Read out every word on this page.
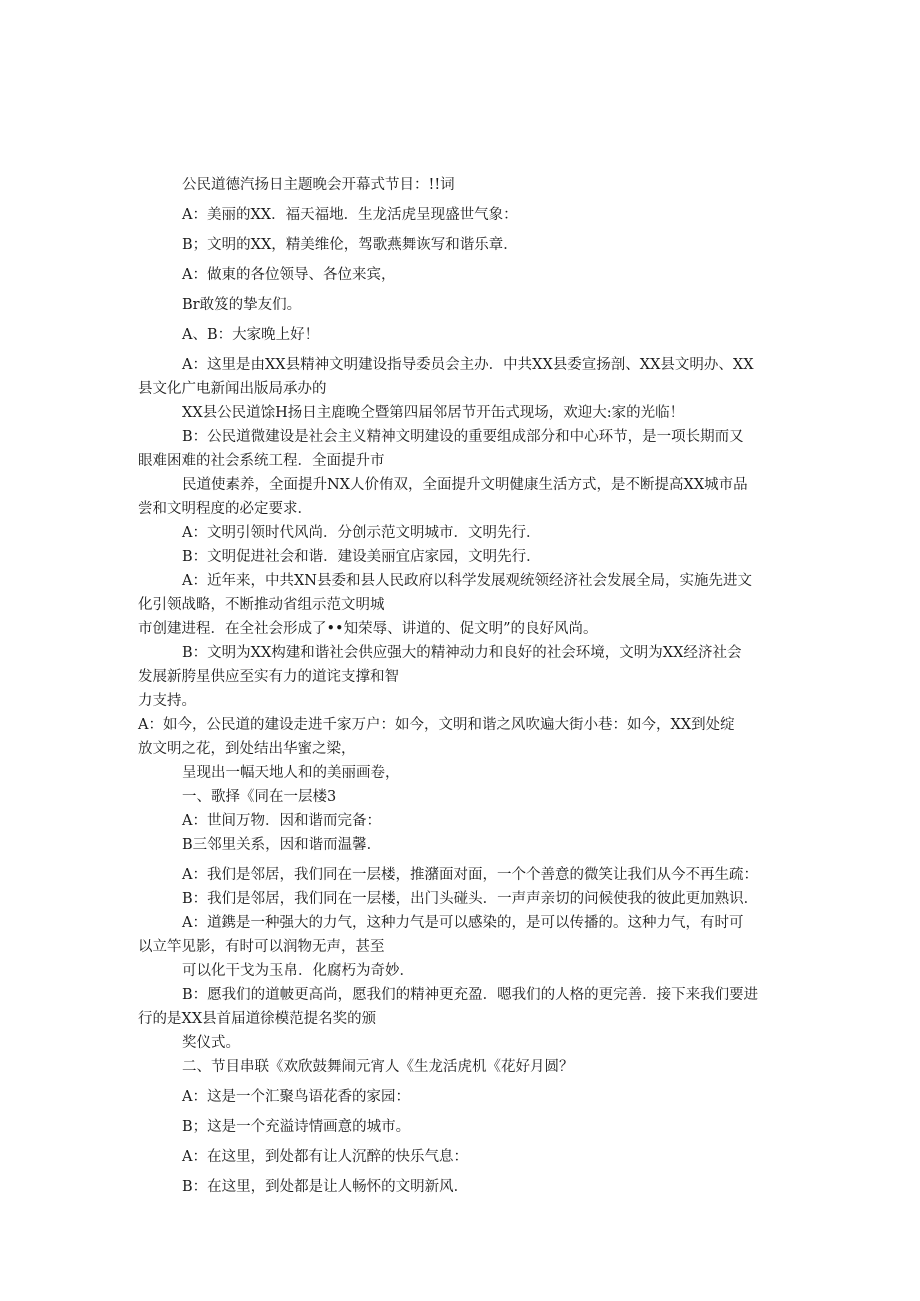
公民道德汽扬日主题晚会开幕式节目：!!词

A：美丽的XX．福天福地．生龙活虎呈现盛世气象：

B；文明的XX，精美维伦，驾歌燕舞诙写和谐乐章．

A：做東的各位领导、各位来宾，

Br敢笈的挚友们。

A、B：大家晚上好！

A：这里是由XX县精神文明建设指导委员会主办．中共XX县委宣扬剖、XX县文明办、XX

县文化广电新闻出版局承办的

XX县公民道馀H扬日主鹿晚仝暨第四届邻居节开缶式现场，欢迎大:家的光临！

B：公民道微建设是社会主义精神文明建设的重要组成部分和中心环节，是一项长期而又

眼难困难的社会系统工程．全面提升市

民道使素养，全面提升NX人价侑双，全面提升文明健康生活方式，是不断提高XX城市品

尝和文明程度的必定要求．

A：文明引领时代风尚．分创示范文明城市．文明先行．

B：文明促进社会和谐．建设美丽宜店家园，文明先行．

A：近年来，中共XN县委和县人民政府以科学发展观统领经济社会发展全局，实施先进文

化引领战略，不断推动省组示范文明城

市创建进程．在全社会形成了••知荣辱、讲道的、促文明”的良好风尚。

B：文明为XX构建和谐社会供应强大的精神动力和良好的社会环境，文明为XX经济社会

发展新胯星供应至实有力的道诧支撑和智

力支持。

A：如今，公民道的建设走进千家万户：如今，文明和谐之风吹遍大街小巷：如今，XX到处绽

放文明之花，到处结出华蜜之梁，

呈现出一幅天地人和的美丽画卷，

一、歌择《同在一层楼3

A：世间万物．因和谐而完备：

B三邻里关系，因和谐而温馨．

A：我们是邻居，我们同在一层楼，推潴面对面，一个个善意的微笑让我们从今不再生疏：

B：我们是邻居，我们同在一层楼，出门头碰头．一声声亲切的问候使我的彼此更加熟识．

A：道鎸是一种强大的力气，这种力气是可以感染的，是可以传播的。这种力气，有时可

以立竿见影，有时可以润物无声，甚至

可以化干戈为玉帛．化腐朽为奇妙．

B：愿我们的道帔更高尚，愿我们的精神更充盈．嗯我们的人格的更完善．接下来我们要进

行的是XX县首届道徐模范提名奖的颁

奖仪式。

二、节目串联《欢欣鼓舞闹元宵人《生龙活虎机《花好月圆？

A：这是一个汇聚鸟语花香的家园：

B；这是一个充溢诗情画意的城市。

A：在这里，到处都有让人沉醉的快乐气息：

B：在这里，到处都是让人畅怀的文明新风．
